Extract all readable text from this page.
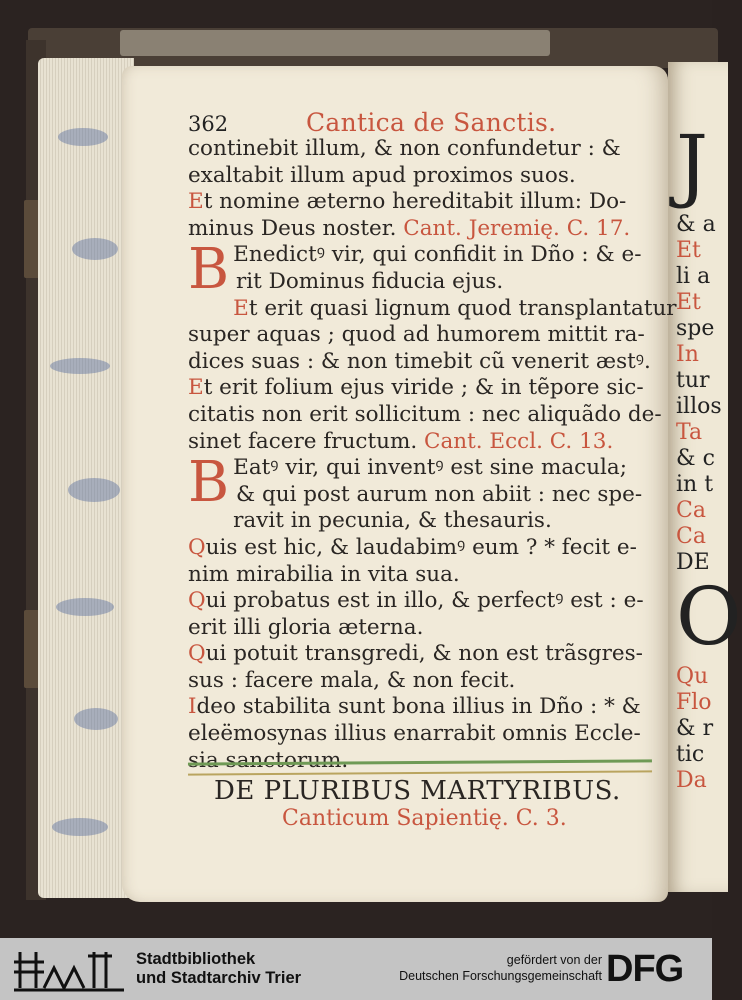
J
& a
Et
li a
Et
spe
In
tur
illos
Ta
& c
in t
Ca
Ca
DE
O
Qu
Flo
& r
tic
Da
362	Cantica de Sanctis.
continebit illum, & non confundetur : &
exaltabit illum apud proximos suos.
Et nomine æterno hereditabit illum: Do-
minus Deus noster. Cant. Jeremię. C. 17.
B Enedictꝰ vir, qui confidit in Dño : & e-
rit Dominus fiducia ejus.
Et erit quasi lignum quod transplantatur
super aquas ; quod ad humorem mittit ra-
dices suas : & non timebit cũ venerit æstꝰ.
Et erit folium ejus viride ; & in tẽpore sic-
citatis non erit sollicitum : nec aliquãdo de-
sinet facere fructum. Cant. Eccl. C. 13.
B Eatꝰ vir, qui inventꝰ est sine macula;
& qui post aurum non abiit : nec spe-
ravit in pecunia, & thesauris.
Quis est hic, & laudabimꝰ eum ? * fecit e-
nim mirabilia in vita sua.
Qui probatus est in illo, & perfectꝰ est : e-
erit illi gloria æterna.
Qui potuit transgredi, & non est trãsgres-
sus : facere mala, & non fecit.
Ideo stabilita sunt bona illius in Dño : * &
eleëmosynas illius enarrabit omnis Eccle-
sia sanctorum.
DE PLURIBUS MARTYRIBUS.
Canticum Sapientię. C. 3.
Stadtbibliothek
und Stadtarchiv Trier
gefördert von der
Deutschen Forschungsgemeinschaft DFG
